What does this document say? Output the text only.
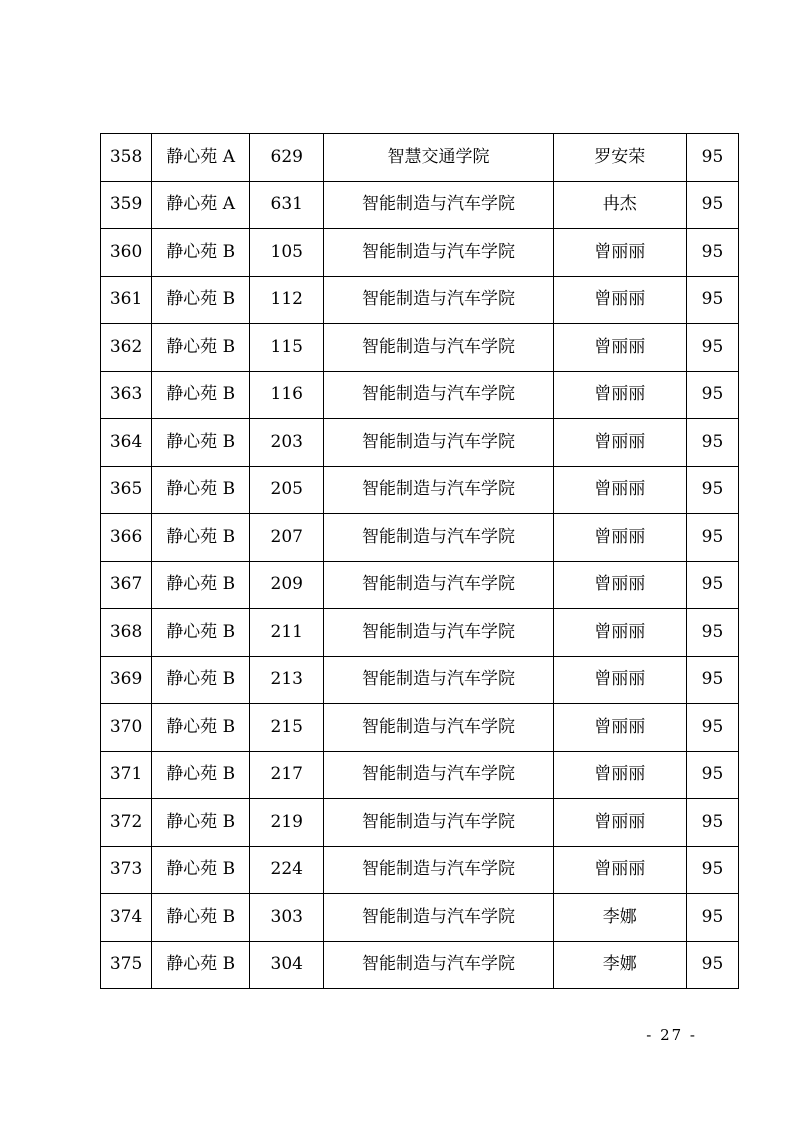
358	静心苑 A	629	智慧交通学院	罗安荣	95
359	静心苑 A	631	智能制造与汽车学院	冉杰	95
360	静心苑 B	105	智能制造与汽车学院	曾丽丽	95
361	静心苑 B	112	智能制造与汽车学院	曾丽丽	95
362	静心苑 B	115	智能制造与汽车学院	曾丽丽	95
363	静心苑 B	116	智能制造与汽车学院	曾丽丽	95
364	静心苑 B	203	智能制造与汽车学院	曾丽丽	95
365	静心苑 B	205	智能制造与汽车学院	曾丽丽	95
366	静心苑 B	207	智能制造与汽车学院	曾丽丽	95
367	静心苑 B	209	智能制造与汽车学院	曾丽丽	95
368	静心苑 B	211	智能制造与汽车学院	曾丽丽	95
369	静心苑 B	213	智能制造与汽车学院	曾丽丽	95
370	静心苑 B	215	智能制造与汽车学院	曾丽丽	95
371	静心苑 B	217	智能制造与汽车学院	曾丽丽	95
372	静心苑 B	219	智能制造与汽车学院	曾丽丽	95
373	静心苑 B	224	智能制造与汽车学院	曾丽丽	95
374	静心苑 B	303	智能制造与汽车学院	李娜	95
375	静心苑 B	304	智能制造与汽车学院	李娜	95
- 27 -
